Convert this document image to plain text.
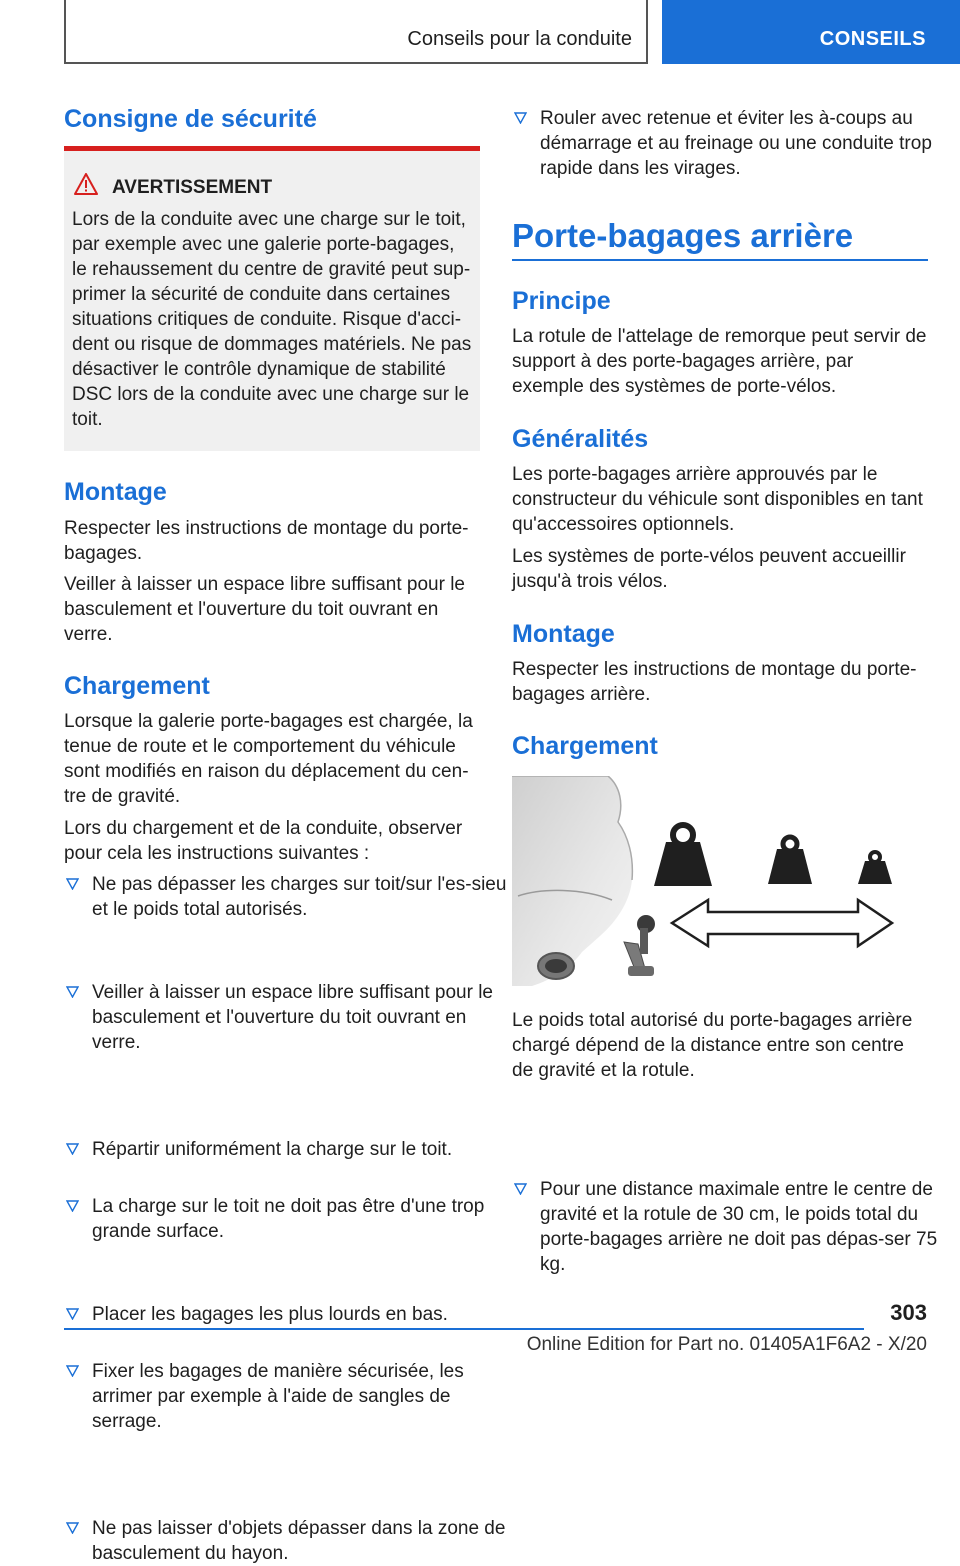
Conseils pour la conduite	CONSEILS
Consigne de sécurité
AVERTISSEMENT

Lors de la conduite avec une charge sur le toit, par exemple avec une galerie porte-bagages, le rehaussement du centre de gravité peut sup-primer la sécurité de conduite dans certaines situations critiques de conduite. Risque d'acci-dent ou risque de dommages matériels. Ne pas désactiver le contrôle dynamique de stabilité DSC lors de la conduite avec une charge sur le toit.

Montage

Respecter les instructions de montage du porte-bagages.

Veiller à laisser un espace libre suffisant pour le basculement et l'ouverture du toit ouvrant en verre.

Chargement

Lorsque la galerie porte-bagages est chargée, la tenue de route et le comportement du véhicule sont modifiés en raison du déplacement du cen-tre de gravité.

Lors du chargement et de la conduite, observer pour cela les instructions suivantes :

Ne pas dépasser les charges sur toit/sur l'es-sieu et le poids total autorisés.

Veiller à laisser un espace libre suffisant pour le basculement et l'ouverture du toit ouvrant en verre.

Répartir uniformément la charge sur le toit.

La charge sur le toit ne doit pas être d'une trop grande surface.

Placer les bagages les plus lourds en bas.

Fixer les bagages de manière sécurisée, les arrimer par exemple à l'aide de sangles de serrage.

Ne pas laisser d'objets dépasser dans la zone de basculement du hayon.

Rouler avec retenue et éviter les à-coups au démarrage et au freinage ou une conduite trop rapide dans les virages.

Porte-bagages arrière
Principe

La rotule de l'attelage de remorque peut servir de support à des porte-bagages arrière, par exemple des systèmes de porte-vélos.

Généralités

Les porte-bagages arrière approuvés par le constructeur du véhicule sont disponibles en tant qu'accessoires optionnels.

Les systèmes de porte-vélos peuvent accueillir jusqu'à trois vélos.

Montage

Respecter les instructions de montage du porte-bagages arrière.

Chargement

Le poids total autorisé du porte-bagages arrière chargé dépend de la distance entre son centre de gravité et la rotule.

Pour une distance maximale entre le centre de gravité et la rotule de 30 cm, le poids total du porte-bagages arrière ne doit pas dépas-ser 75 kg.

303
Online Edition for Part no. 01405A1F6A2 - X/20
